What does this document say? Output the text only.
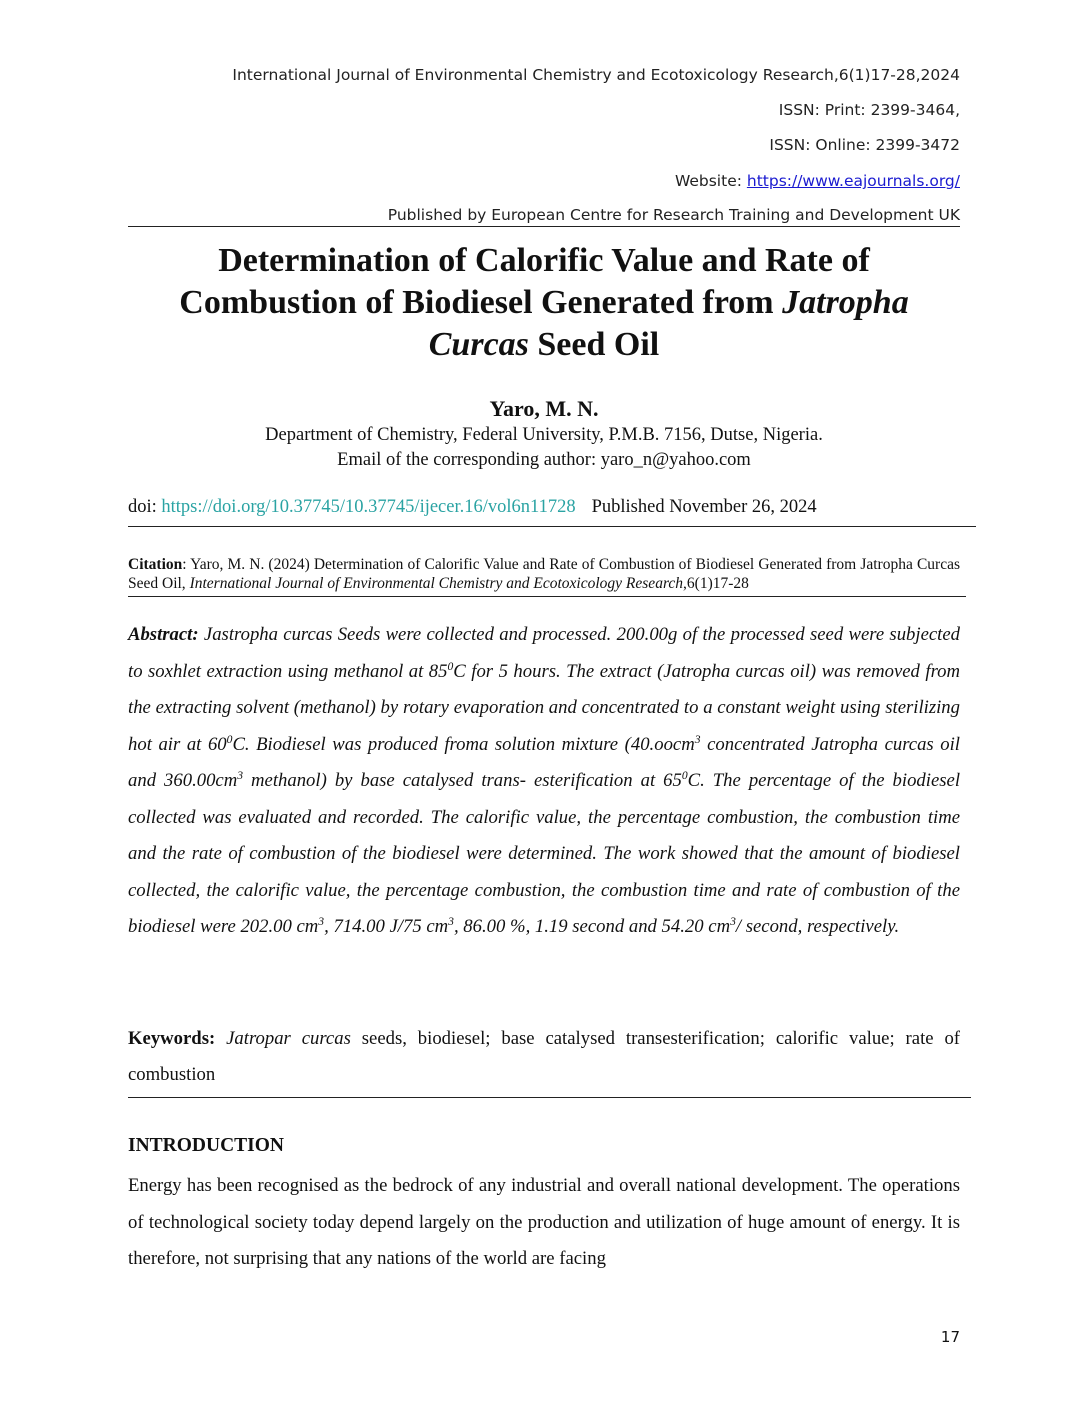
International Journal of Environmental Chemistry and Ecotoxicology Research,6(1)17-28,2024
ISSN: Print: 2399-3464,
ISSN: Online: 2399-3472
Website: https://www.eajournals.org/
Published by European Centre for Research Training and Development UK
Determination of Calorific Value and Rate of
Combustion of Biodiesel Generated from Jatropha
Curcas Seed Oil
Yaro, M. N.
Department of Chemistry, Federal University, P.M.B. 7156, Dutse, Nigeria.
Email of the corresponding author: yaro_n@yahoo.com
doi: https://doi.org/10.37745/10.37745/ijecer.16/vol6n11728 Published November 26, 2024
Citation: Yaro, M. N. (2024) Determination of Calorific Value and Rate of Combustion of Biodiesel Generated from Jatropha Curcas Seed Oil, International Journal of Environmental Chemistry and Ecotoxicology Research,6(1)17-28
Abstract: Jastropha curcas Seeds were collected and processed. 200.00g of the processed seed were subjected to soxhlet extraction using methanol at $85^0C$ for 5 hours. The extract (Jatropha curcas oil) was removed from the extracting solvent (methanol) by rotary evaporation and concentrated to a constant weight using sterilizing hot air at $60^0C$. Biodiesel was produced froma solution mixture (40.oocm$^3$ concentrated Jatropha curcas oil and $360.00cm^3$ methanol) by base catalysed trans- esterification at $65^0C$. The percentage of the biodiesel collected was evaluated and recorded. The calorific value, the percentage combustion, the combustion time and the rate of combustion of the biodiesel were determined. The work showed that the amount of biodiesel collected, the calorific value, the percentage combustion, the combustion time and rate of combustion of the biodiesel were 202.00 $cm^3$, 714.00 J/75 $cm^3$, 86.00 %, 1.19 second and 54.20 $cm^3/$ second, respectively.
Keywords: Jatropar curcas seeds, biodiesel; base catalysed transesterification; calorific value; rate of combustion
INTRODUCTION
Energy has been recognised as the bedrock of any industrial and overall national development. The operations of technological society today depend largely on the production and utilization of huge amount of energy. It is therefore, not surprising that any nations of the world are facing
17
